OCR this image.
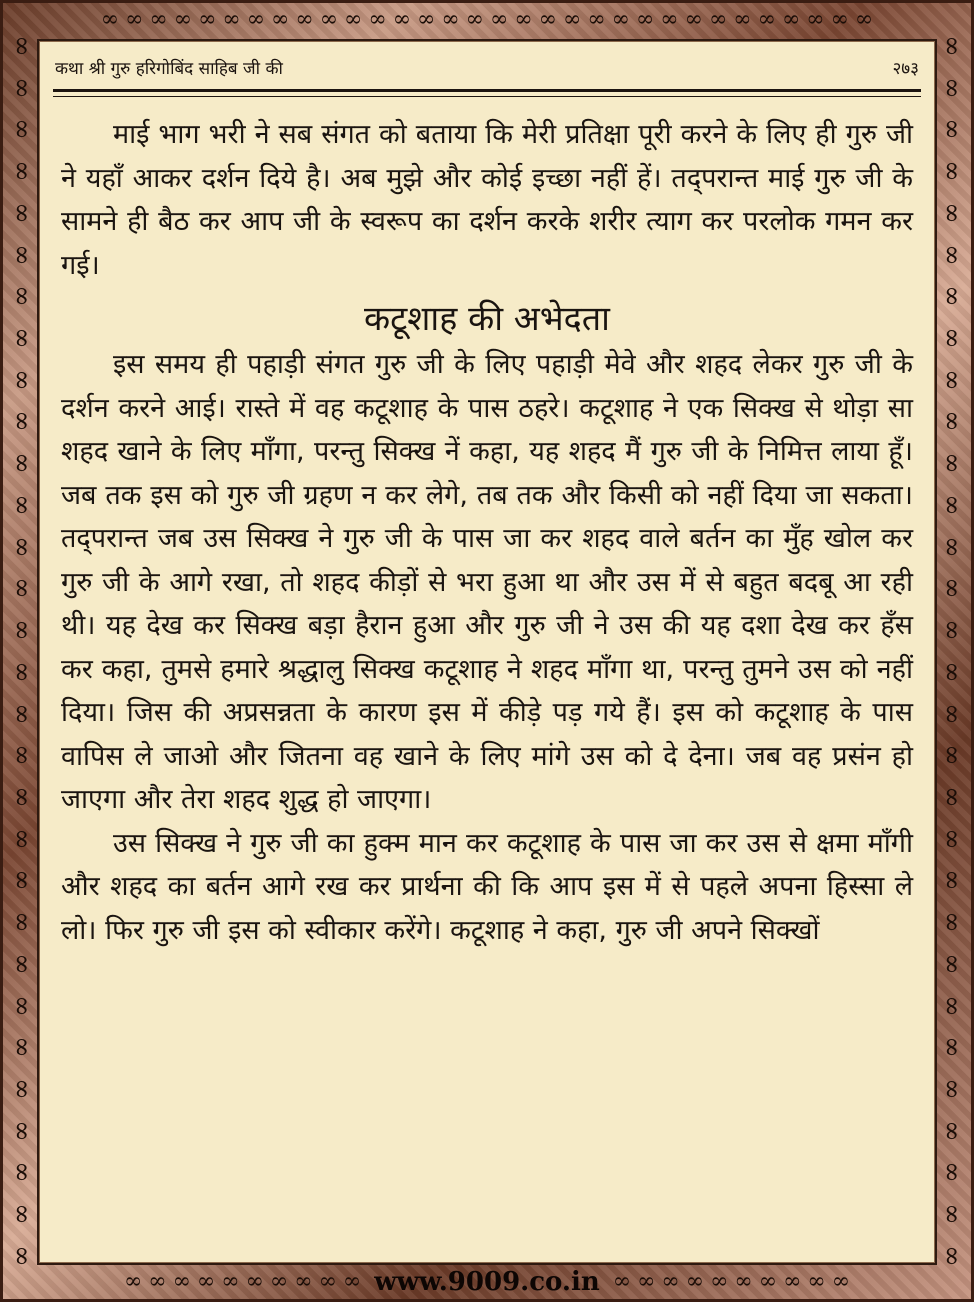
∞ ∞ ∞ ∞ ∞ ∞ ∞ ∞ ∞ ∞ ∞ ∞ ∞ ∞ ∞ ∞ ∞ ∞ ∞ ∞ ∞ ∞ ∞ ∞ ∞ ∞ ∞ ∞ ∞ ∞ ∞ ∞
∞
∞
∞
∞
∞
∞
∞
∞
∞
∞
∞
∞
∞
∞
∞
∞
∞
∞
∞
∞
∞
∞
∞
∞
∞
∞
∞
∞
∞
∞
∞
∞
∞
∞
∞
∞
∞
∞
∞
∞
∞
∞
∞
∞
∞
∞
∞
∞
∞
∞
∞
∞
∞
∞
∞
∞
∞
∞
∞
∞
∞ ∞ ∞ ∞ ∞ ∞ ∞ ∞ ∞ ∞ www.9009.co.in ∞ ∞ ∞ ∞ ∞ ∞ ∞ ∞ ∞ ∞
कथा श्री गुरु हरिगोबिंद साहिब जी की	२७३

माई भाग भरी ने सब संगत को बताया कि मेरी प्रतिक्षा पूरी करने के लिए ही गुरु जी ने यहाँ आकर दर्शन दिये है। अब मुझे और कोई इच्छा नहीं हें। तद्परान्त माई गुरु जी के सामने ही बैठ कर आप जी के स्वरूप का दर्शन करके शरीर त्याग कर परलोक गमन कर गई।

कटूशाह की अभेदता

इस समय ही पहाड़ी संगत गुरु जी के लिए पहाड़ी मेवे और शहद लेकर गुरु जी के दर्शन करने आई। रास्ते में वह कटूशाह के पास ठहरे। कटूशाह ने एक सिक्ख से थोड़ा सा शहद खाने के लिए माँगा, परन्तु सिक्ख नें कहा, यह शहद मैं गुरु जी के निमित्त लाया हूँ। जब तक इस को गुरु जी ग्रहण न कर लेगे, तब तक और किसी को नहीं दिया जा सकता। तद्परान्त जब उस सिक्ख ने गुरु जी के पास जा कर शहद वाले बर्तन का मुँह खोल कर गुरु जी के आगे रखा, तो शहद कीड़ों से भरा हुआ था और उस में से बहुत बदबू आ रही थी। यह देख कर सिक्ख बड़ा हैरान हुआ और गुरु जी ने उस की यह दशा देख कर हँस कर कहा, तुमसे हमारे श्रद्धालु सिक्ख कटूशाह ने शहद माँगा था, परन्तु तुमने उस को नहीं दिया। जिस की अप्रसन्नता के कारण इस में कीड़े पड़ गये हैं। इस को कटूशाह के पास वापिस ले जाओ और जितना वह खाने के लिए मांगे उस को दे देना। जब वह प्रसंन हो जाएगा और तेरा शहद शुद्ध हो जाएगा।

उस सिक्ख ने गुरु जी का हुक्म मान कर कटूशाह के पास जा कर उस से क्षमा माँगी और शहद का बर्तन आगे रख कर प्रार्थना की कि आप इस में से पहले अपना हिस्सा ले लो। फिर गुरु जी इस को स्वीकार करेंगे। कटूशाह ने कहा, गुरु जी अपने सिक्खों
